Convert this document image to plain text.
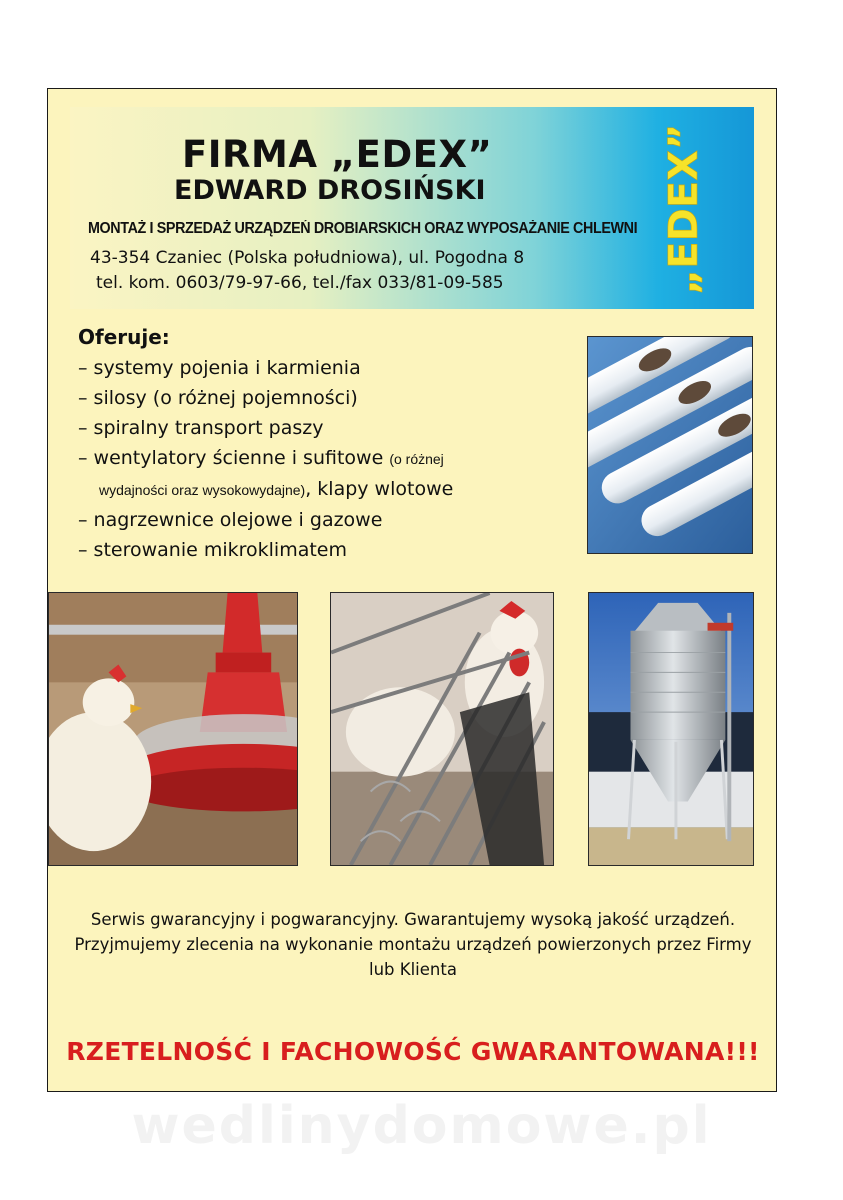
FIRMA „EDEX”
EDWARD DROSIŃSKI
MONTAŻ I SPRZEDAŻ URZĄDZEŃ DROBIARSKICH ORAZ WYPOSAŻANIE CHLEWNI
43-354 Czaniec (Polska południowa), ul. Pogodna 8
tel. kom. 0603/79-97-66, tel./fax 033/81-09-585	„EDEX”
Oferuje:
– systemy pojenia i karmienia
– silosy (o różnej pojemności)
– spiralny transport paszy
– wentylatory ścienne i sufitowe (o różnej
wydajności oraz wysokowydajne), klapy wlotowe
– nagrzewnice olejowe i gazowe
– sterowanie mikroklimatem
Serwis gwarancyjny i pogwarancyjny. Gwarantujemy wysoką jakość urządzeń. Przyjmujemy zlecenia na wykonanie montażu urządzeń powierzonych przez Firmy lub Klienta
RZETELNOŚĆ I FACHOWOŚĆ GWARANTOWANA!!!
wedlinydomowe.pl
